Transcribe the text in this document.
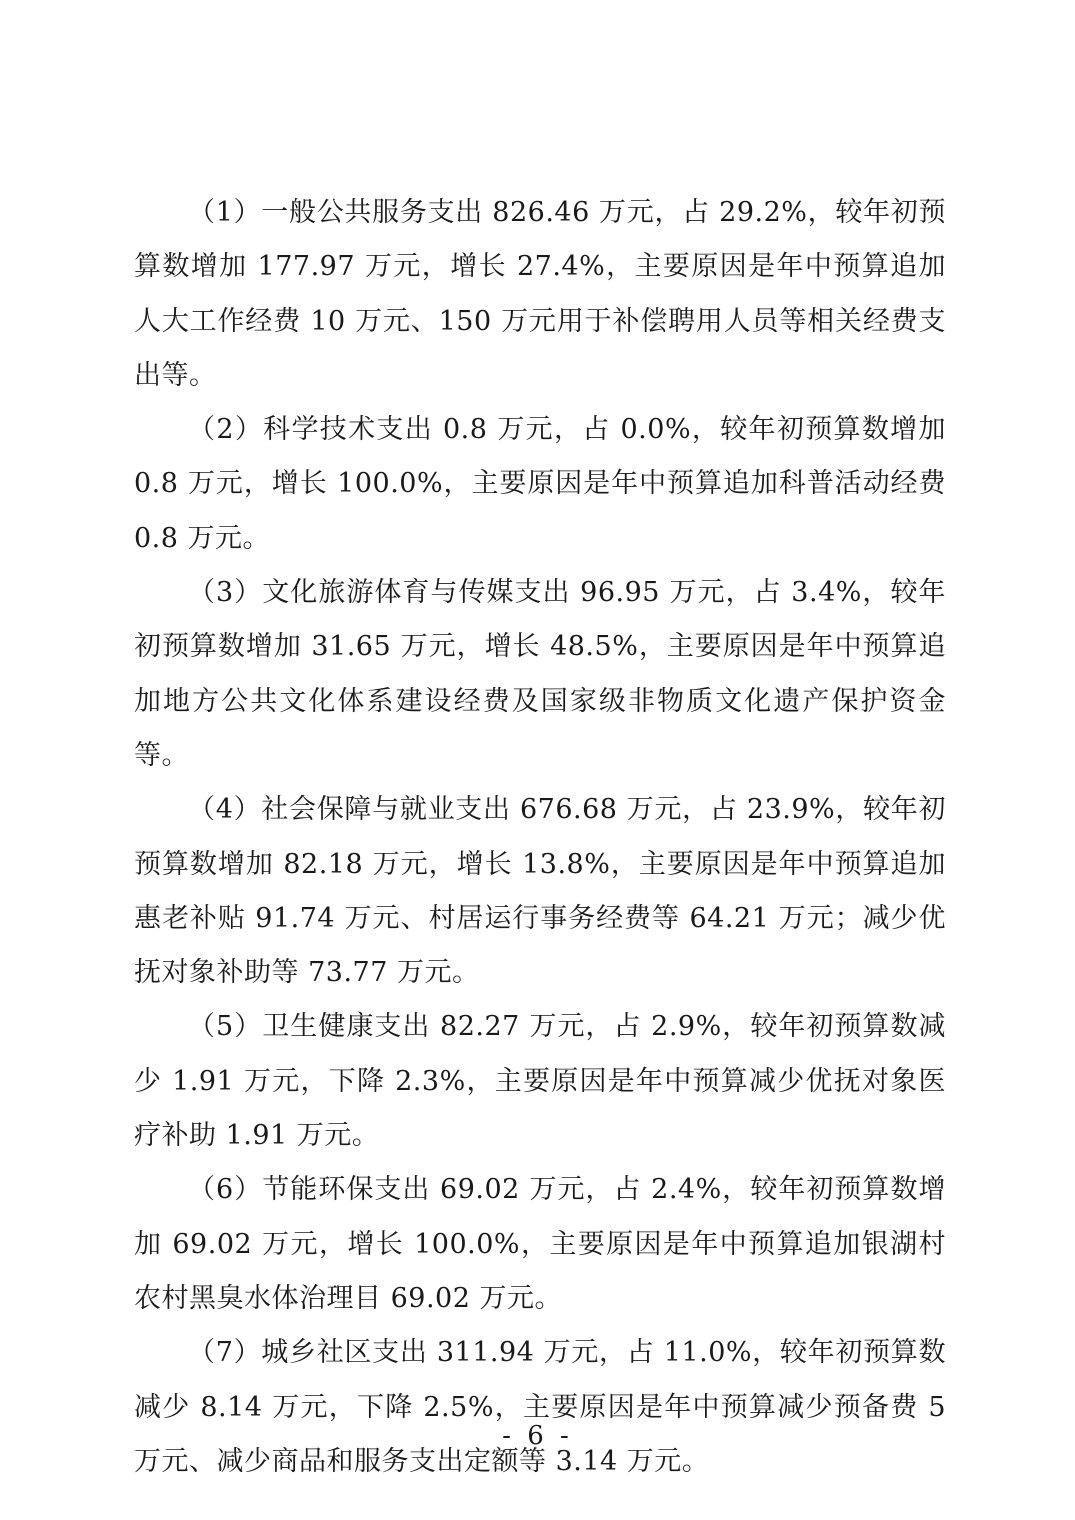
（1）一般公共服务支出 826.46 万元，占 29.2%，较年初预算数增加 177.97 万元，增长 27.4%，主要原因是年中预算追加人大工作经费 10 万元、150 万元用于补偿聘用人员等相关经费支出等。

（2）科学技术支出 0.8 万元，占 0.0%，较年初预算数增加 0.8 万元，增长 100.0%，主要原因是年中预算追加科普活动经费 0.8 万元。

（3）文化旅游体育与传媒支出 96.95 万元，占 3.4%，较年初预算数增加 31.65 万元，增长 48.5%，主要原因是年中预算追加地方公共文化体系建设经费及国家级非物质文化遗产保护资金等。

（4）社会保障与就业支出 676.68 万元，占 23.9%，较年初预算数增加 82.18 万元，增长 13.8%，主要原因是年中预算追加惠老补贴 91.74 万元、村居运行事务经费等 64.21 万元；减少优抚对象补助等 73.77 万元。

（5）卫生健康支出 82.27 万元，占 2.9%，较年初预算数减少 1.91 万元，下降 2.3%，主要原因是年中预算减少优抚对象医疗补助 1.91 万元。

（6）节能环保支出 69.02 万元，占 2.4%，较年初预算数增加 69.02 万元，增长 100.0%，主要原因是年中预算追加银湖村农村黑臭水体治理目 69.02 万元。

（7）城乡社区支出 311.94 万元，占 11.0%，较年初预算数减少 8.14 万元，下降 2.5%，主要原因是年中预算减少预备费 5 万元、减少商品和服务支出定额等 3.14 万元。

- 6 -
